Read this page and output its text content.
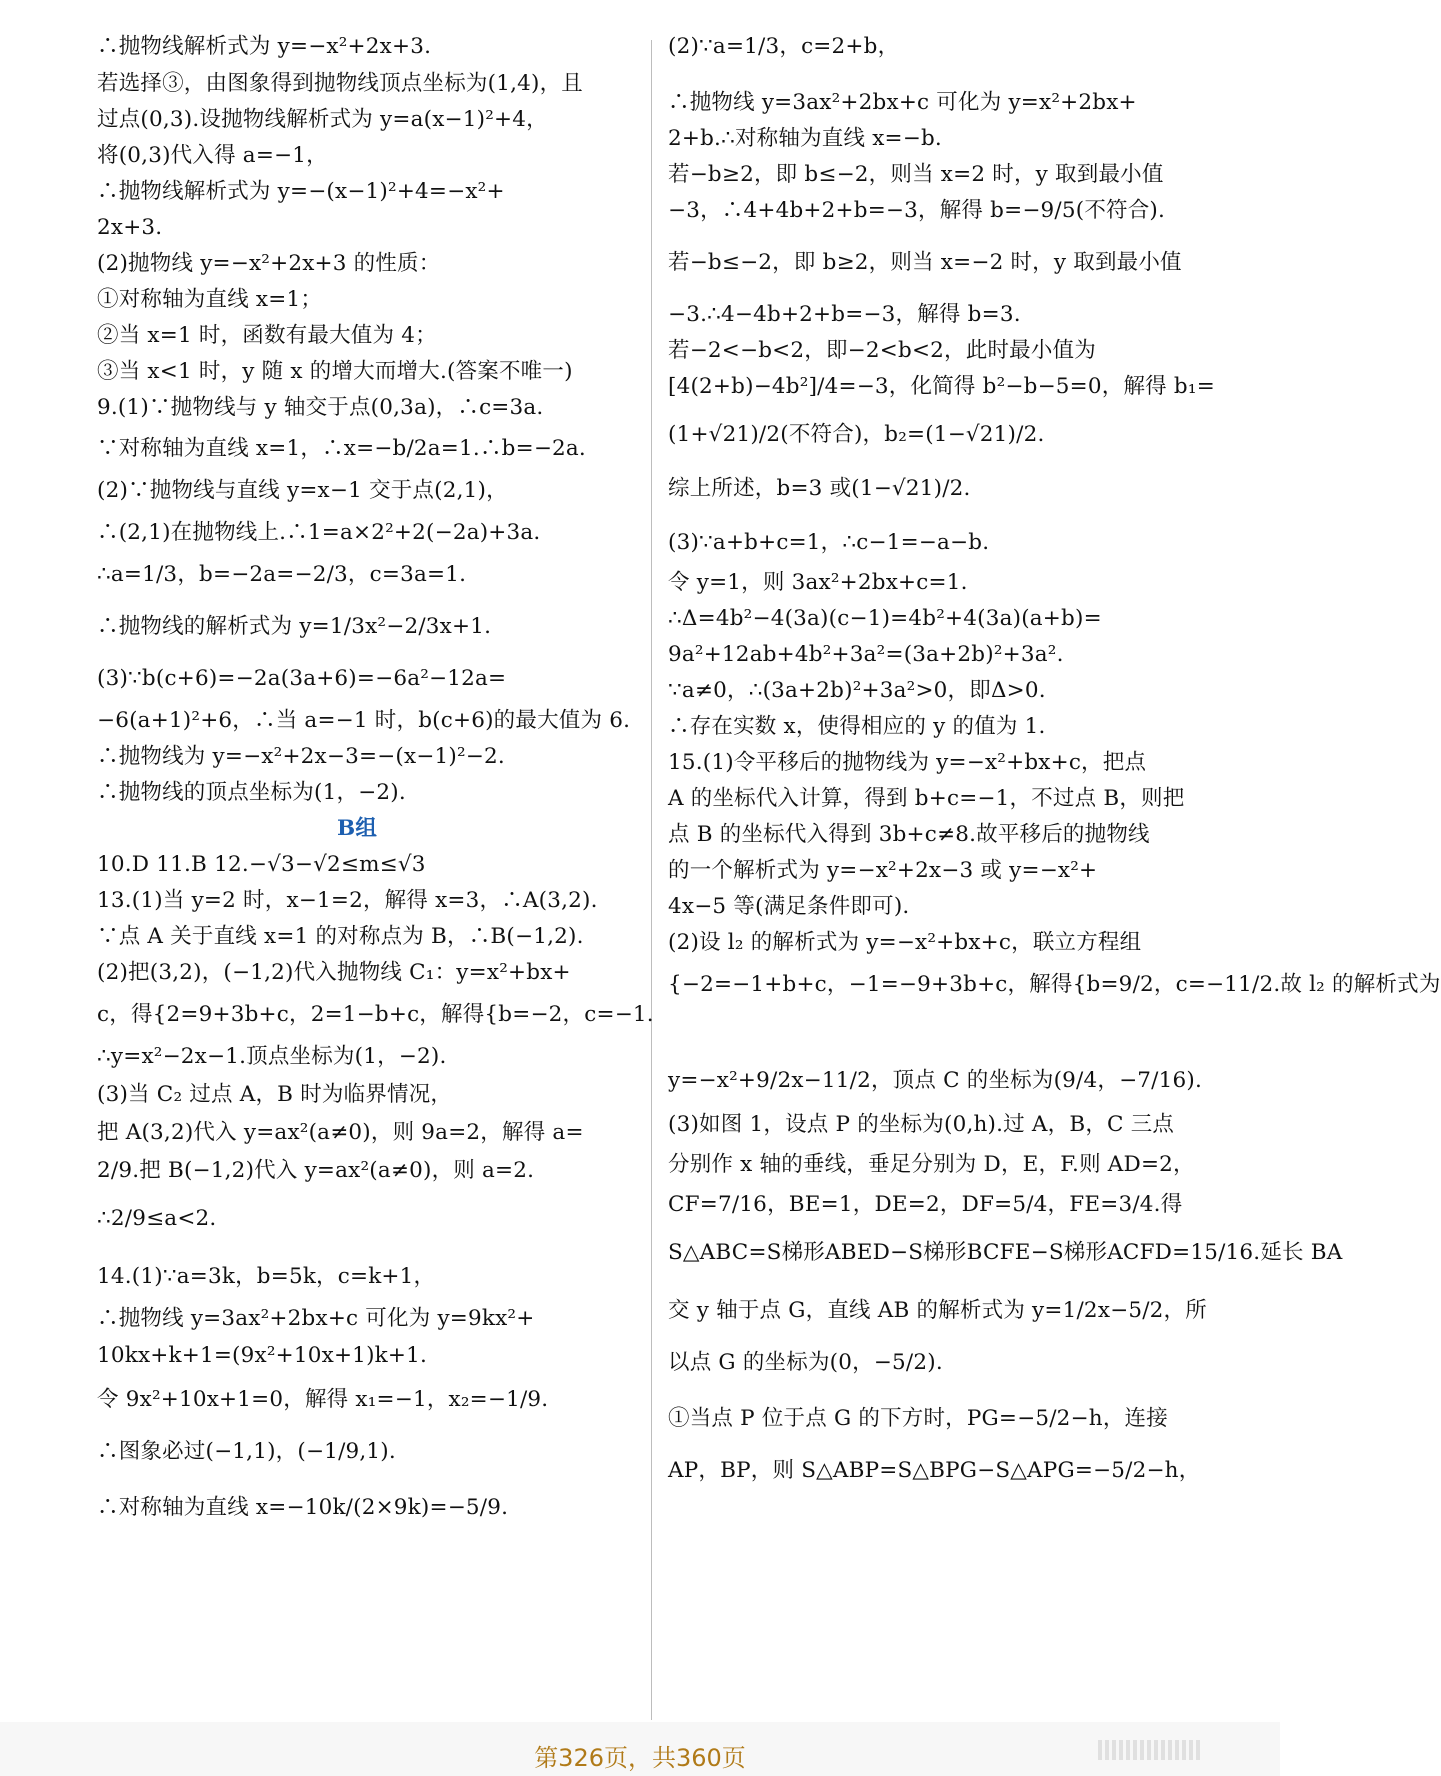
∴抛物线解析式为 y=−x²+2x+3.
若选择③，由图象得到抛物线顶点坐标为(1,4)，且
过点(0,3).设抛物线解析式为 y=a(x−1)²+4，
将(0,3)代入得 a=−1，
∴抛物线解析式为 y=−(x−1)²+4=−x²+
2x+3.
(2)抛物线 y=−x²+2x+3 的性质：
①对称轴为直线 x=1；
②当 x=1 时，函数有最大值为 4；
③当 x<1 时，y 随 x 的增大而增大.(答案不唯一)
9.(1)∵抛物线与 y 轴交于点(0,3a)，∴c=3a.
∵对称轴为直线 x=1，∴x=−b/2a=1.∴b=−2a.
(2)∵抛物线与直线 y=x−1 交于点(2,1)，
∴(2,1)在抛物线上.∴1=a×2²+2(−2a)+3a.
∴a=1/3，b=−2a=−2/3，c=3a=1.
∴抛物线的解析式为 y=1/3x²−2/3x+1.
(3)∵b(c+6)=−2a(3a+6)=−6a²−12a=
−6(a+1)²+6，∴当 a=−1 时，b(c+6)的最大值为 6.
∴抛物线为 y=−x²+2x−3=−(x−1)²−2.
∴抛物线的顶点坐标为(1，−2).
B组
10.D 11.B 12.−√3−√2≤m≤√3
13.(1)当 y=2 时，x−1=2，解得 x=3，∴A(3,2).
∵点 A 关于直线 x=1 的对称点为 B，∴B(−1,2).
(2)把(3,2)，(−1,2)代入抛物线 C₁：y=x²+bx+
c，得{2=9+3b+c，2=1−b+c，解得{b=−2，c=−1.
∴y=x²−2x−1.顶点坐标为(1，−2).
(3)当 C₂ 过点 A，B 时为临界情况，
把 A(3,2)代入 y=ax²(a≠0)，则 9a=2，解得 a=
2/9.把 B(−1,2)代入 y=ax²(a≠0)，则 a=2.
∴2/9≤a<2.
14.(1)∵a=3k，b=5k，c=k+1，
∴抛物线 y=3ax²+2bx+c 可化为 y=9kx²+
10kx+k+1=(9x²+10x+1)k+1.
令 9x²+10x+1=0，解得 x₁=−1，x₂=−1/9.
∴图象必过(−1,1)，(−1/9,1).
∴对称轴为直线 x=−10k/(2×9k)=−5/9.
(2)∵a=1/3，c=2+b，
∴抛物线 y=3ax²+2bx+c 可化为 y=x²+2bx+
2+b.∴对称轴为直线 x=−b.
若−b≥2，即 b≤−2，则当 x=2 时，y 取到最小值
−3，∴4+4b+2+b=−3，解得 b=−9/5(不符合).
若−b≤−2，即 b≥2，则当 x=−2 时，y 取到最小值
−3.∴4−4b+2+b=−3，解得 b=3.
若−2<−b<2，即−2<b<2，此时最小值为
[4(2+b)−4b²]/4=−3，化简得 b²−b−5=0，解得 b₁=
(1+√21)/2(不符合)，b₂=(1−√21)/2.
综上所述，b=3 或(1−√21)/2.
(3)∵a+b+c=1，∴c−1=−a−b.
令 y=1，则 3ax²+2bx+c=1.
∴Δ=4b²−4(3a)(c−1)=4b²+4(3a)(a+b)=
9a²+12ab+4b²+3a²=(3a+2b)²+3a².
∵a≠0，∴(3a+2b)²+3a²>0，即Δ>0.
∴存在实数 x，使得相应的 y 的值为 1.
15.(1)令平移后的抛物线为 y=−x²+bx+c，把点
A 的坐标代入计算，得到 b+c=−1，不过点 B，则把
点 B 的坐标代入得到 3b+c≠8.故平移后的抛物线
的一个解析式为 y=−x²+2x−3 或 y=−x²+
4x−5 等(满足条件即可).
(2)设 l₂ 的解析式为 y=−x²+bx+c，联立方程组
{−2=−1+b+c，−1=−9+3b+c，解得{b=9/2，c=−11/2.故 l₂ 的解析式为
y=−x²+9/2x−11/2，顶点 C 的坐标为(9/4，−7/16).
(3)如图 1，设点 P 的坐标为(0,h).过 A，B，C 三点
分别作 x 轴的垂线，垂足分别为 D，E，F.则 AD=2，
CF=7/16，BE=1，DE=2，DF=5/4，FE=3/4.得
S△ABC=S梯形ABED−S梯形BCFE−S梯形ACFD=15/16.延长 BA
交 y 轴于点 G，直线 AB 的解析式为 y=1/2x−5/2，所
以点 G 的坐标为(0，−5/2).
①当点 P 位于点 G 的下方时，PG=−5/2−h，连接
AP，BP，则 S△ABP=S△BPG−S△APG=−5/2−h，
第326页，共360页
